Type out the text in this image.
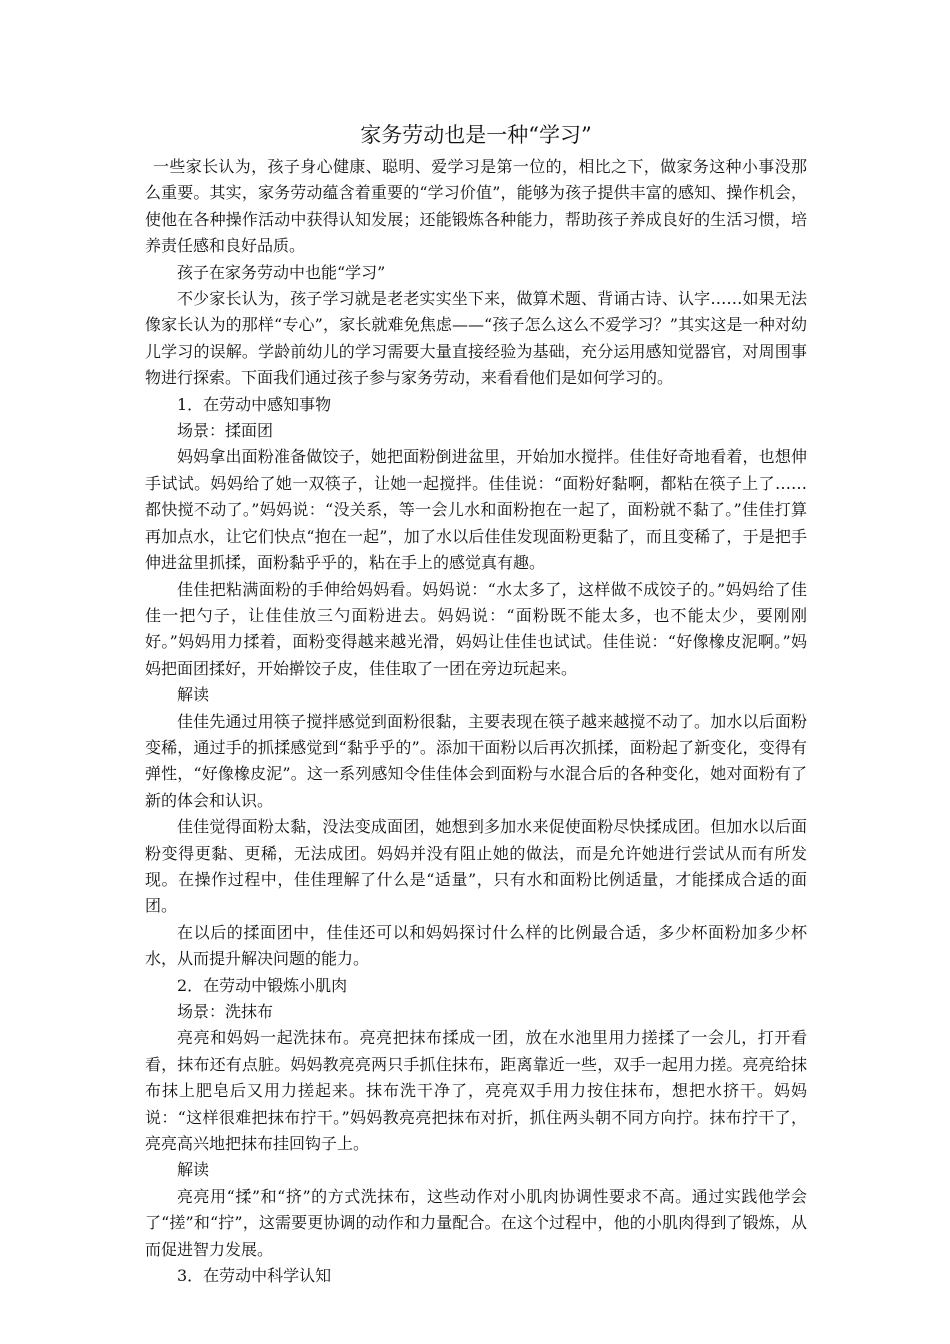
家务劳动也是一种“学习”

一些家长认为，孩子身心健康、聪明、爱学习是第一位的，相比之下，做家务这种小事没那么重要。其实，家务劳动蕴含着重要的“学习价值”，能够为孩子提供丰富的感知、操作机会，使他在各种操作活动中获得认知发展；还能锻炼各种能力，帮助孩子养成良好的生活习惯，培养责任感和良好品质。

孩子在家务劳动中也能“学习”

不少家长认为，孩子学习就是老老实实坐下来，做算术题、背诵古诗、认字……如果无法像家长认为的那样“专心”，家长就难免焦虑——“孩子怎么这么不爱学习？”其实这是一种对幼儿学习的误解。学龄前幼儿的学习需要大量直接经验为基础，充分运用感知觉器官，对周围事物进行探索。下面我们通过孩子参与家务劳动，来看看他们是如何学习的。

1．在劳动中感知事物

场景：揉面团

妈妈拿出面粉准备做饺子，她把面粉倒进盆里，开始加水搅拌。佳佳好奇地看着，也想伸手试试。妈妈给了她一双筷子，让她一起搅拌。佳佳说：“面粉好黏啊，都粘在筷子上了……都快搅不动了。”妈妈说：“没关系，等一会儿水和面粉抱在一起了，面粉就不黏了。”佳佳打算再加点水，让它们快点“抱在一起”，加了水以后佳佳发现面粉更黏了，而且变稀了，于是把手伸进盆里抓揉，面粉黏乎乎的，粘在手上的感觉真有趣。

佳佳把粘满面粉的手伸给妈妈看。妈妈说：“水太多了，这样做不成饺子的。”妈妈给了佳佳一把勺子，让佳佳放三勺面粉进去。妈妈说：“面粉既不能太多，也不能太少，要刚刚好。”妈妈用力揉着，面粉变得越来越光滑，妈妈让佳佳也试试。佳佳说：“好像橡皮泥啊。”妈妈把面团揉好，开始擀饺子皮，佳佳取了一团在旁边玩起来。

解读

佳佳先通过用筷子搅拌感觉到面粉很黏，主要表现在筷子越来越搅不动了。加水以后面粉变稀，通过手的抓揉感觉到“黏乎乎的”。添加干面粉以后再次抓揉，面粉起了新变化，变得有弹性，“好像橡皮泥”。这一系列感知令佳佳体会到面粉与水混合后的各种变化，她对面粉有了新的体会和认识。

佳佳觉得面粉太黏，没法变成面团，她想到多加水来促使面粉尽快揉成团。但加水以后面粉变得更黏、更稀，无法成团。妈妈并没有阻止她的做法，而是允许她进行尝试从而有所发现。在操作过程中，佳佳理解了什么是“适量”，只有水和面粉比例适量，才能揉成合适的面团。

在以后的揉面团中，佳佳还可以和妈妈探讨什么样的比例最合适，多少杯面粉加多少杯水，从而提升解决问题的能力。

2．在劳动中锻炼小肌肉

场景：洗抹布

亮亮和妈妈一起洗抹布。亮亮把抹布揉成一团，放在水池里用力搓揉了一会儿，打开看看，抹布还有点脏。妈妈教亮亮两只手抓住抹布，距离靠近一些，双手一起用力搓。亮亮给抹布抹上肥皂后又用力搓起来。抹布洗干净了，亮亮双手用力按住抹布，想把水挤干。妈妈说：“这样很难把抹布拧干。”妈妈教亮亮把抹布对折，抓住两头朝不同方向拧。抹布拧干了，亮亮高兴地把抹布挂回钩子上。

解读

亮亮用“揉”和“挤”的方式洗抹布，这些动作对小肌肉协调性要求不高。通过实践他学会了“搓”和“拧”，这需要更协调的动作和力量配合。在这个过程中，他的小肌肉得到了锻炼，从而促进智力发展。

3．在劳动中科学认知
